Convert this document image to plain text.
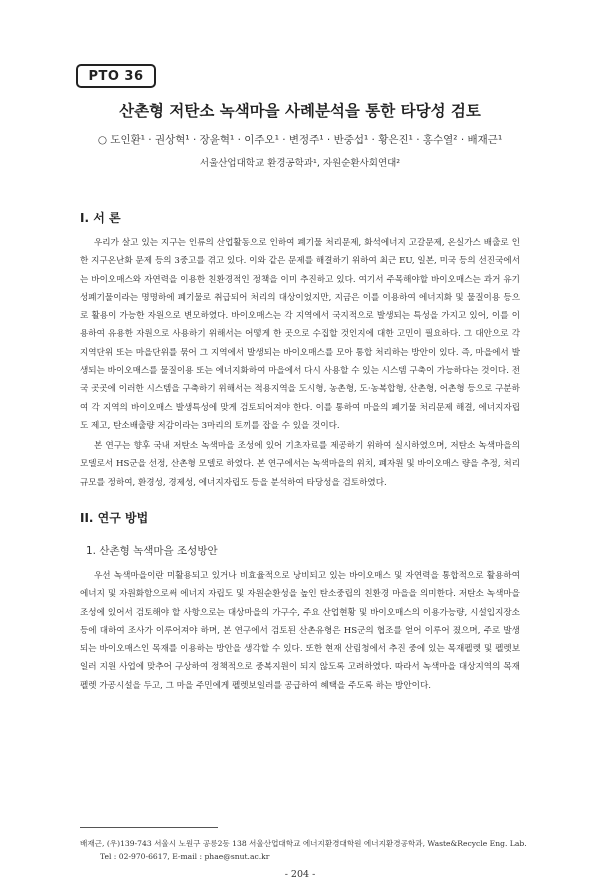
PTO 36
산촌형 저탄소 녹색마을 사례분석을 통한 타당성 검토
○ 도인환¹ · 권상혁¹ · 장윤혁¹ · 이주오¹ · 변정주¹ · 반중섭¹ · 황은진¹ · 홍수열² · 배재근¹
서울산업대학교 환경공학과¹, 자원순환사회연대²
I. 서 론

우리가 살고 있는 지구는 인류의 산업활동으로 인하여 폐기물 처리문제, 화석에너지 고갈문제, 온실가스 배출로 인한 지구온난화 문제 등의 3중고를 겪고 있다. 이와 같은 문제를 해결하기 위하여 최근 EU, 일본, 미국 등의 선진국에서는 바이오매스와 자연력을 이용한 친환경적인 정책을 이미 추진하고 있다. 여기서 주목해야할 바이오매스는 과거 유기성폐기물이라는 명명하에 폐기물로 취급되어 처리의 대상이었지만, 지금은 이를 이용하여 에너지화 및 물질이용 등으로 활용이 가능한 자원으로 변모하였다. 바이오매스는 각 지역에서 국지적으로 발생되는 특성을 가지고 있어, 이를 이용하여 유용한 자원으로 사용하기 위해서는 어떻게 한 곳으로 수집할 것인지에 대한 고민이 필요하다. 그 대안으로 각 지역단위 또는 마을단위를 묶어 그 지역에서 발생되는 바이오매스를 모아 통합 처리하는 방안이 있다. 즉, 마을에서 발생되는 바이오매스를 물질이용 또는 에너지화하여 마을에서 다시 사용할 수 있는 시스템 구축이 가능하다는 것이다. 전국 곳곳에 이러한 시스템을 구축하기 위해서는 적용지역을 도시형, 농촌형, 도·농복합형, 산촌형, 어촌형 등으로 구분하여 각 지역의 바이오매스 발생특성에 맞게 검토되어져야 한다. 이를 통하여 마을의 폐기물 처리문제 해결, 에너지자립도 제고, 탄소배출량 저감이라는 3마리의 토끼를 잡을 수 있을 것이다.

본 연구는 향후 국내 저탄소 녹색마을 조성에 있어 기초자료를 제공하기 위하여 실시하였으며, 저탄소 녹색마을의 모델로서 HS군을 선정, 산촌형 모델로 하였다. 본 연구에서는 녹색마을의 위치, 폐자원 및 바이오매스 량을 추정, 처리규모를 정하여, 환경성, 경제성, 에너지자립도 등을 분석하여 타당성을 검토하였다.

II. 연구 방법
1. 산촌형 녹색마을 조성방안

우선 녹색마을이란 미활용되고 있거나 비효율적으로 낭비되고 있는 바이오매스 및 자연력을 통합적으로 활용하여 에너지 및 자원화함으로써 에너지 자립도 및 자원순환성을 높인 탄소중립의 친환경 마을을 의미한다. 저탄소 녹색마을 조성에 있어서 검토해야 할 사항으로는 대상마을의 가구수, 주요 산업현황 및 바이오매스의 이용가능량, 시설입지장소 등에 대하여 조사가 이루어져야 하며, 본 연구에서 검토된 산촌유형은 HS군의 협조를 얻어 이루어 졌으며, 주로 발생되는 바이오매스인 목재를 이용하는 방안을 생각할 수 있다. 또한 현재 산림청에서 추진 중에 있는 목재펠렛 및 펠렛보일러 지원 사업에 맞추어 구상하여 정책적으로 중복지원이 되지 않도록 고려하였다. 따라서 녹색마을 대상지역의 목재펠렛 가공시설을 두고, 그 마을 주민에게 펠렛보일러를 공급하여 혜택을 주도록 하는 방안이다.

배재근, (우)139-743 서울시 노원구 공릉2동 138 서울산업대학교 에너지환경대학원 에너지환경공학과, Waste&Recycle Eng. Lab.
Tel : 02-970-6617, E-mail : phae@snut.ac.kr
- 204 -
